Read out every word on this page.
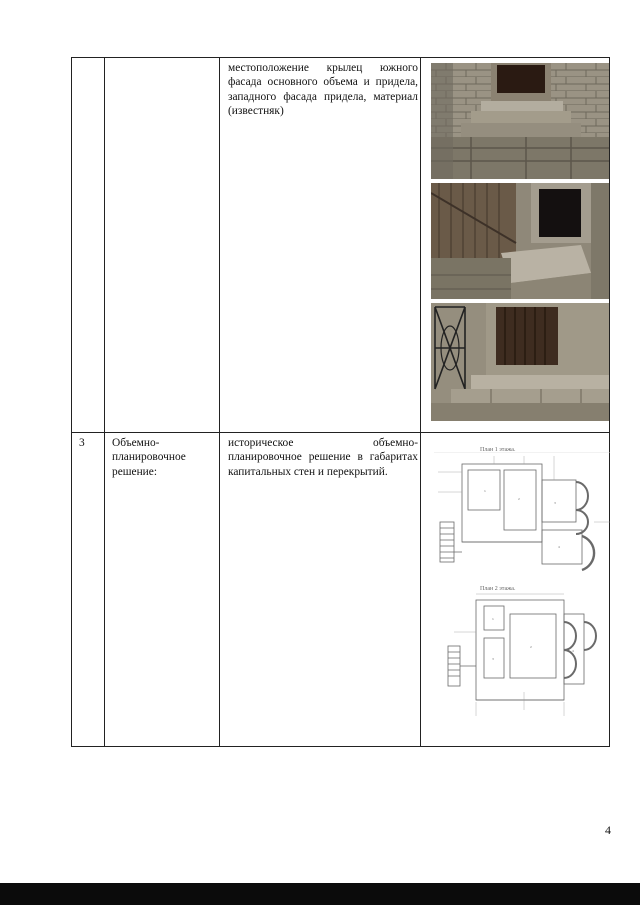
местоположение крылец южного
фасада основного объема и придела,
западного фасада придела, материал
(известняк)
3 Объемно-
планировочное
решение:
историческое объемно-
планировочное решение в габаритах
капитальных стен и перекрытий.
План 1 этажа.
1
2
3
4
План 2 этажа.
1
2
3
4
4
